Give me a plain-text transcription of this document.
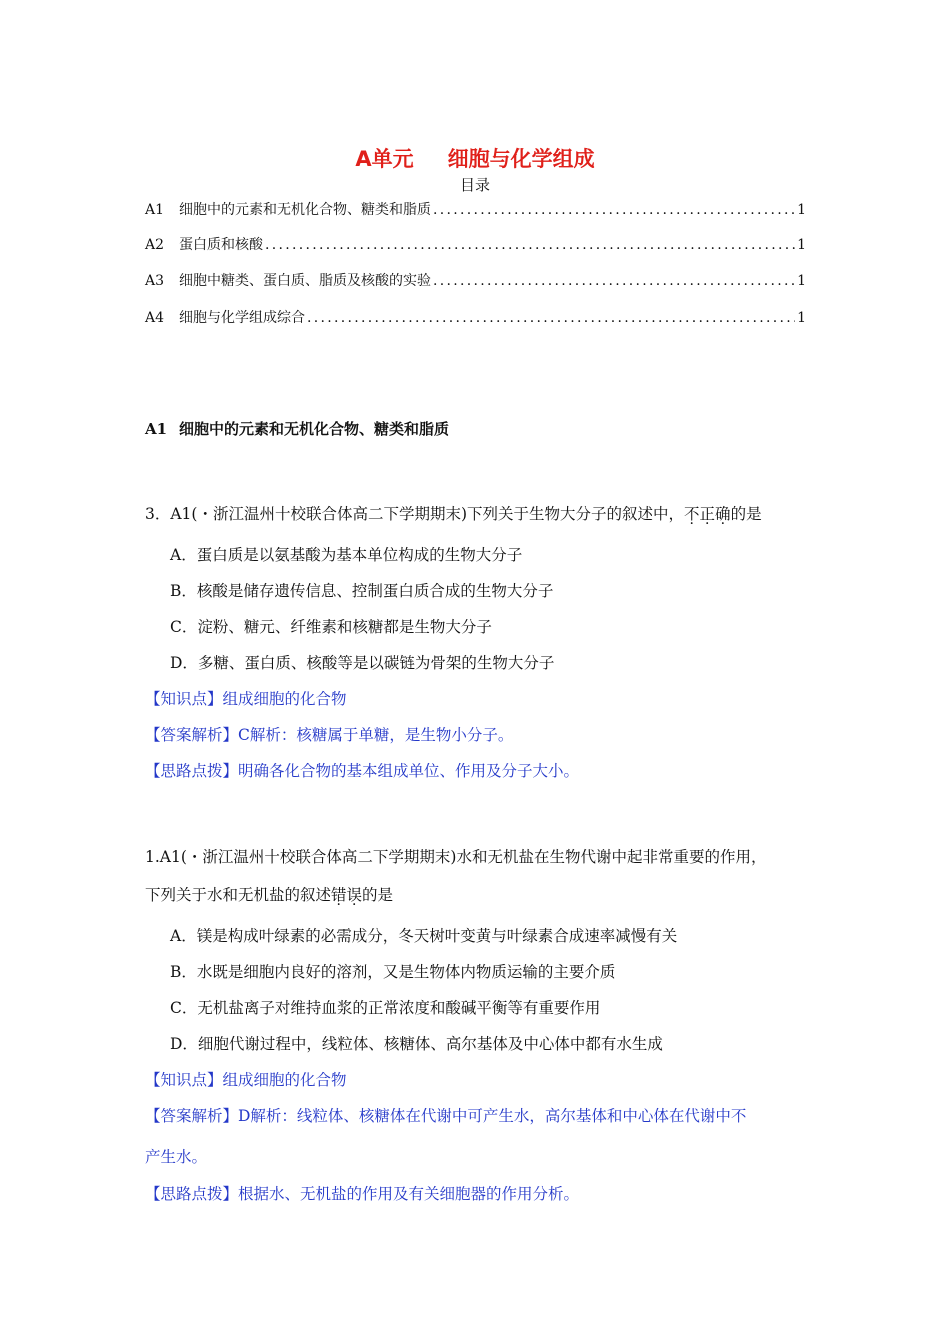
A单元 细胞与化学组成
目录
A1	细胞中的元素和无机化合物、糖类和脂质 .....	1
A2	蛋白质和核酸 .....	1
A3	细胞中糖类、蛋白质、脂质及核酸的实验 .....	1
A4	细胞与化学组成综合 .....	1
A1 细胞中的元素和无机化合物、糖类和脂质
3．A1(・浙江温州十校联合体高二下学期期末)下列关于生物大分子的叙述中，不正确的是
A．蛋白质是以氨基酸为基本单位构成的生物大分子
B．核酸是储存遗传信息、控制蛋白质合成的生物大分子
C．淀粉、糖元、纤维素和核糖都是生物大分子
D．多糖、蛋白质、核酸等是以碳链为骨架的生物大分子
【知识点】组成细胞的化合物
【答案解析】C解析：核糖属于单糖，是生物小分子。
【思路点拨】明确各化合物的基本组成单位、作用及分子大小。
1.A1(・浙江温州十校联合体高二下学期期末)水和无机盐在生物代谢中起非常重要的作用，
下列关于水和无机盐的叙述错误的是
A．镁是构成叶绿素的必需成分，冬天树叶变黄与叶绿素合成速率减慢有关
B．水既是细胞内良好的溶剂，又是生物体内物质运输的主要介质
C．无机盐离子对维持血浆的正常浓度和酸碱平衡等有重要作用
D．细胞代谢过程中，线粒体、核糖体、高尔基体及中心体中都有水生成
【知识点】组成细胞的化合物
【答案解析】D解析：线粒体、核糖体在代谢中可产生水，高尔基体和中心体在代谢中不
产生水。
【思路点拨】根据水、无机盐的作用及有关细胞器的作用分析。
